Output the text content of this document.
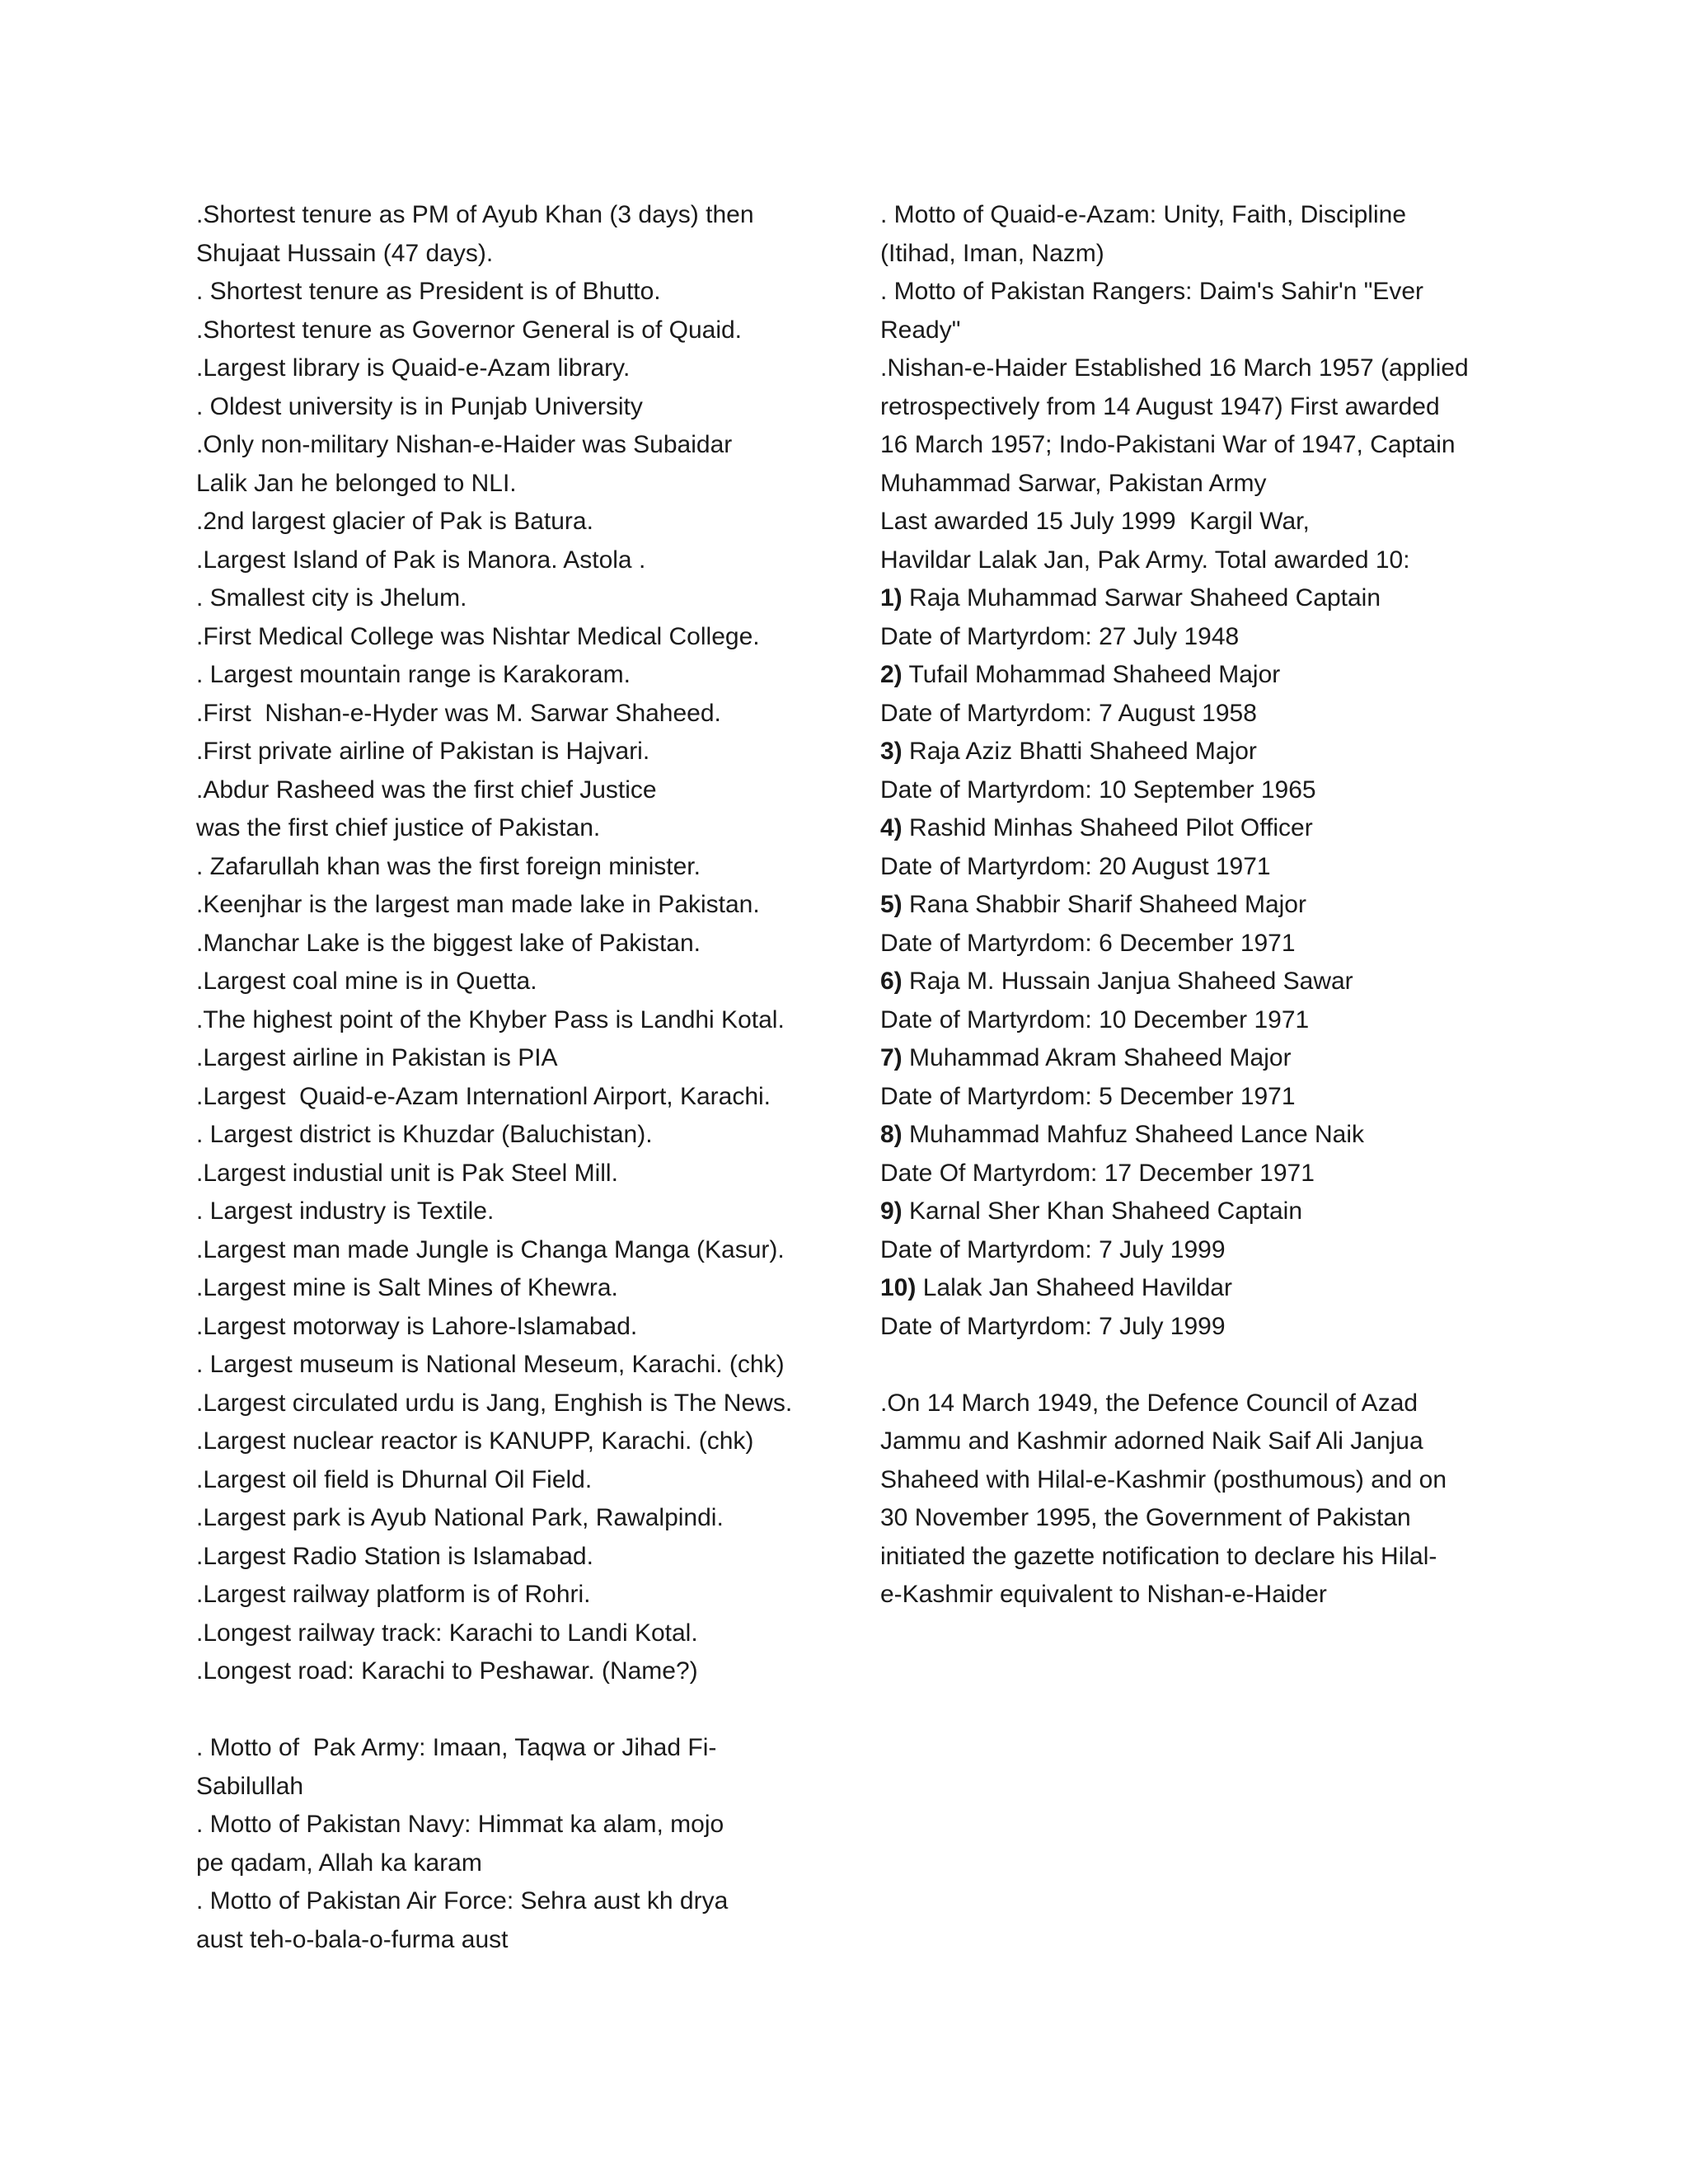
.Shortest tenure as PM of Ayub Khan (3 days) then
Shujaat Hussain (47 days).
. Shortest tenure as President is of Bhutto.
.Shortest tenure as Governor General is of Quaid.
.Largest library is Quaid-e-Azam library.
. Oldest university is in Punjab University
.Only non-military Nishan-e-Haider was Subaidar
Lalik Jan he belonged to NLI.
.2nd largest glacier of Pak is Batura.
.Largest Island of Pak is Manora. Astola .
. Smallest city is Jhelum.
.First Medical College was Nishtar Medical College.
. Largest mountain range is Karakoram.
.First  Nishan-e-Hyder was M. Sarwar Shaheed.
.First private airline of Pakistan is Hajvari.
.Abdur Rasheed was the first chief Justice
was the first chief justice of Pakistan.
. Zafarullah khan was the first foreign minister.
.Keenjhar is the largest man made lake in Pakistan.
.Manchar Lake is the biggest lake of Pakistan.
.Largest coal mine is in Quetta.
.The highest point of the Khyber Pass is Landhi Kotal.
.Largest airline in Pakistan is PIA
.Largest  Quaid-e-Azam Internationl Airport, Karachi.
. Largest district is Khuzdar (Baluchistan).
.Largest industial unit is Pak Steel Mill.
. Largest industry is Textile.
.Largest man made Jungle is Changa Manga (Kasur).
.Largest mine is Salt Mines of Khewra.
.Largest motorway is Lahore-Islamabad.
. Largest museum is National Meseum, Karachi. (chk)
.Largest circulated urdu is Jang, Enghish is The News.
.Largest nuclear reactor is KANUPP, Karachi. (chk)
.Largest oil field is Dhurnal Oil Field.
.Largest park is Ayub National Park, Rawalpindi.
.Largest Radio Station is Islamabad.
.Largest railway platform is of Rohri.
.Longest railway track: Karachi to Landi Kotal.
.Longest road: Karachi to Peshawar. (Name?)
. Motto of  Pak Army: Imaan, Taqwa or Jihad Fi-
Sabilullah
. Motto of Pakistan Navy: Himmat ka alam, mojo
pe qadam, Allah ka karam
. Motto of Pakistan Air Force: Sehra aust kh drya
aust teh-o-bala-o-furma aust
. Motto of Quaid-e-Azam: Unity, Faith, Discipline
(Itihad, Iman, Nazm)
. Motto of Pakistan Rangers: Daim's Sahir'n "Ever
Ready"
.Nishan-e-Haider Established 16 March 1957 (applied
retrospectively from 14 August 1947) First awarded
16 March 1957; Indo-Pakistani War of 1947, Captain
Muhammad Sarwar, Pakistan Army
Last awarded 15 July 1999  Kargil War,
Havildar Lalak Jan, Pak Army. Total awarded 10:
1) Raja Muhammad Sarwar Shaheed Captain
Date of Martyrdom: 27 July 1948
2) Tufail Mohammad Shaheed Major
Date of Martyrdom: 7 August 1958
3) Raja Aziz Bhatti Shaheed Major
Date of Martyrdom: 10 September 1965
4) Rashid Minhas Shaheed Pilot Officer
Date of Martyrdom: 20 August 1971
5) Rana Shabbir Sharif Shaheed Major
Date of Martyrdom: 6 December 1971
6) Raja M. Hussain Janjua Shaheed Sawar
Date of Martyrdom: 10 December 1971
7) Muhammad Akram Shaheed Major
Date of Martyrdom: 5 December 1971
8) Muhammad Mahfuz Shaheed Lance Naik
Date Of Martyrdom: 17 December 1971
9) Karnal Sher Khan Shaheed Captain
Date of Martyrdom: 7 July 1999
10) Lalak Jan Shaheed Havildar
Date of Martyrdom: 7 July 1999
.On 14 March 1949, the Defence Council of Azad
Jammu and Kashmir adorned Naik Saif Ali Janjua
Shaheed with Hilal-e-Kashmir (posthumous) and on
30 November 1995, the Government of Pakistan
initiated the gazette notification to declare his Hilal-
e-Kashmir equivalent to Nishan-e-Haider
